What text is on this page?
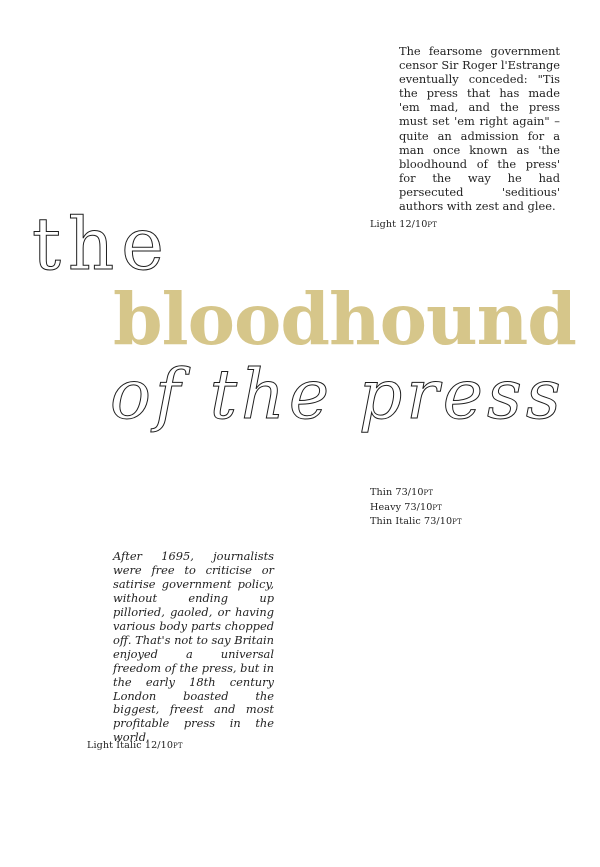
The fearsome government censor Sir Roger l'Estrange eventually conceded: "Tis the press that has made 'em mad, and the press must set 'em right again" – quite an admission for a man once known as 'the bloodhound of the press' for the way he had persecuted 'seditious' authors with zest and glee.

Light 12/10pt
the
bloodhound
of the press
Thin 73/10pt
Heavy 73/10pt
Thin Italic 73/10pt

After 1695, journalists were free to criticise or satirise government policy, without ending up pilloried, gaoled, or having various body parts chopped off. That's not to say Britain enjoyed a universal freedom of the press, but in the early 18th century London boasted the biggest, freest and most profitable press in the world.

Light Italic 12/10pt
